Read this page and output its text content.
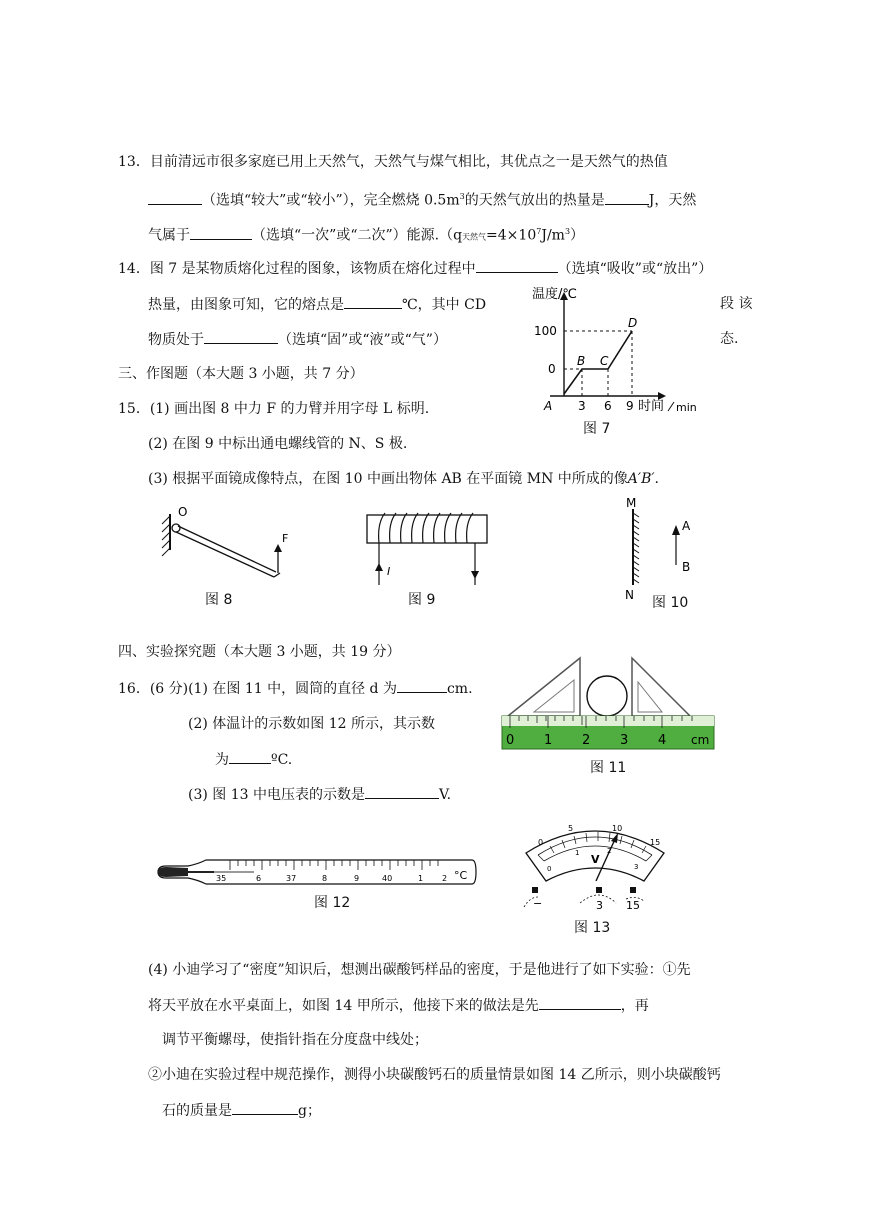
13．目前清远市很多家庭已用上天然气，天然气与煤气相比，其优点之一是天然气的热值
（选填“较大”或“较小”），完全燃烧 $0.5m^3$的天然气放出的热量是	J，天然
气属于	（选填“一次”或“二次”）能源.（q天然气$=4\times 10^7J/m^3$）
14．图 7 是某物质熔化过程的图象，该物质在熔化过程中	（选填“吸收”或“放出”）
热量，由图象可知，它的熔点是	℃，其中 CD	段 该
物质处于	（选填“固”或“液”或“气”）	态.
三、作图题（本大题 3 小题，共 7 分）
15．(1) 画出图 8 中力 F 的力臂并用字母 L 标明.
(2) 在图 9 中标出通电螺线管的 N、S 极.
(3) 根据平面镜成像特点，在图 10 中画出物体 AB 在平面镜 MN 中所成的像A′B′.
温度/℃
100
0
A
B C
D
3 6 9 时间 min
图 7
O
F
图 8
I
图 9
M
N
A
B
图 10
四、实验探究题（本大题 3 小题，共 19 分）
16．(6 分)(1) 在图 11 中，圆筒的直径 d 为	cm.
(2) 体温计的示数如图 12 所示，其示数
为	ºC.
(3) 图 13 中电压表的示数是	V.
0 1 2 3 4 cm
图 11
35	6	37	8	9	40	1 2 °C
图 12
0
5	10
15
0
1	2
3
V
−	3 15
图 13
(4) 小迪学习了“密度”知识后，想测出碳酸钙样品的密度，于是他进行了如下实验：①先
将天平放在水平桌面上，如图 14 甲所示，他接下来的做法是先	，再
调节平衡螺母，使指针指在分度盘中线处；
②小迪在实验过程中规范操作，测得小块碳酸钙石的质量情景如图 14 乙所示，则小块碳酸钙
石的质量是	g；
